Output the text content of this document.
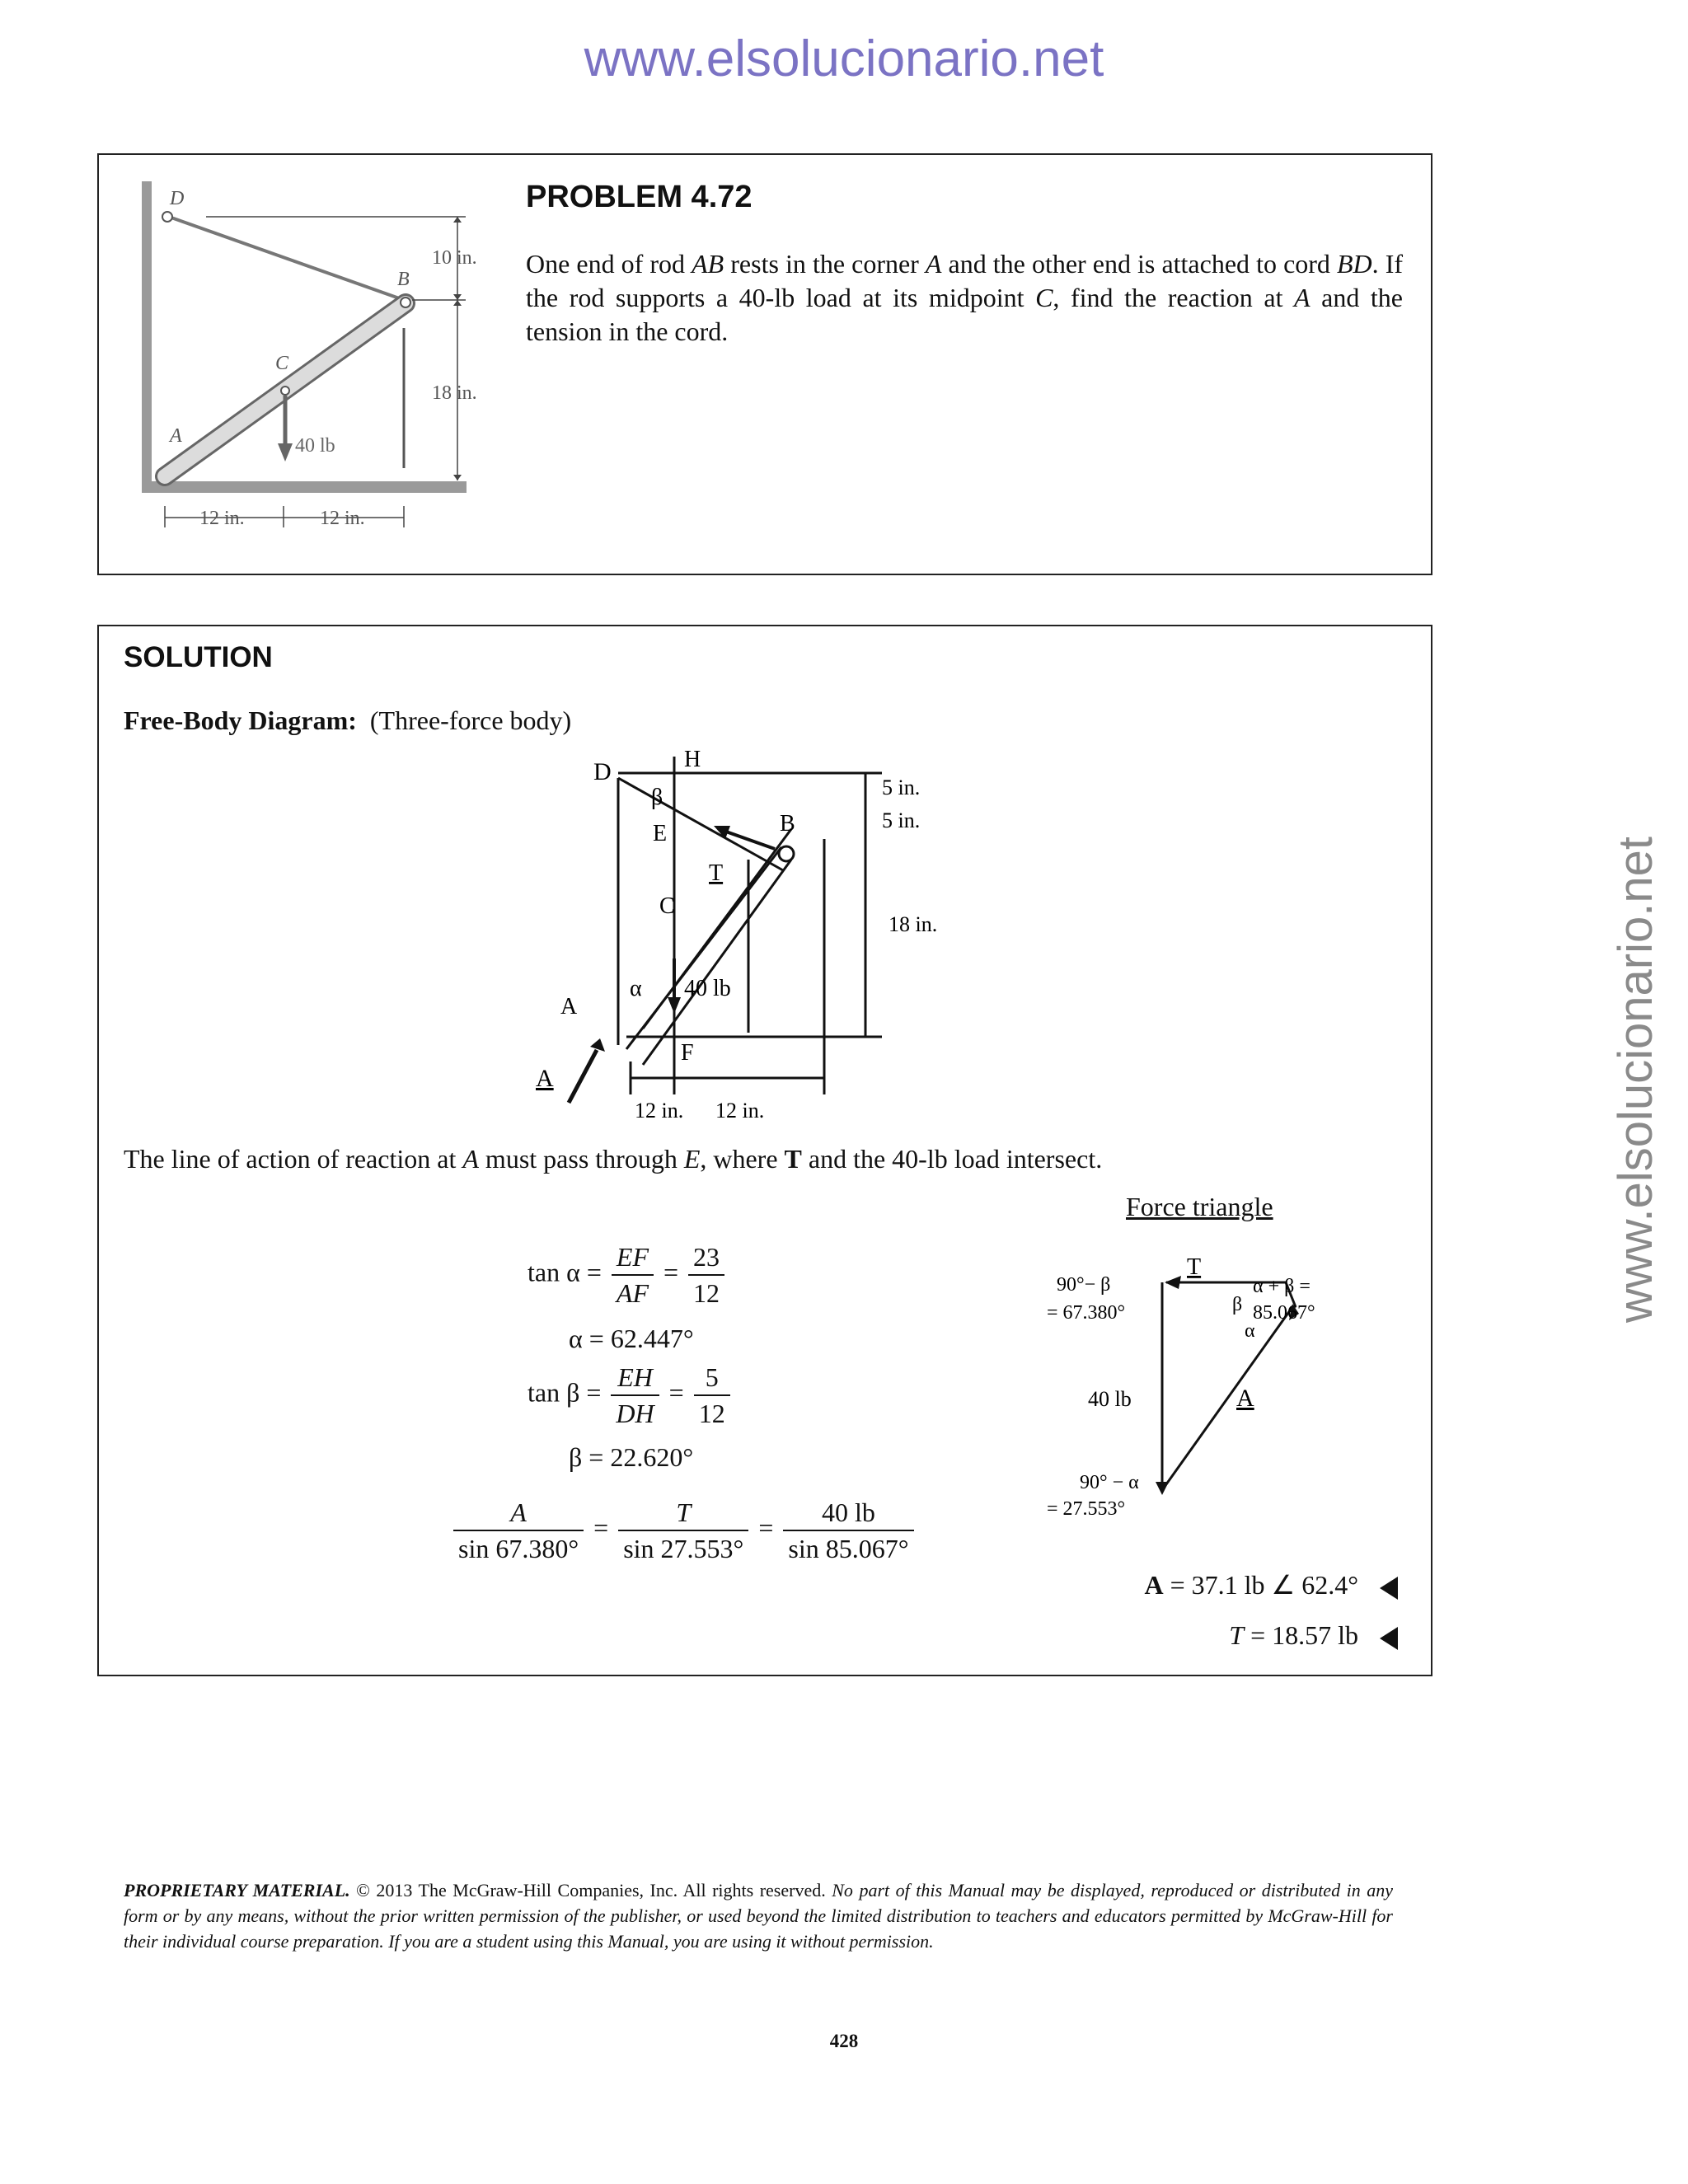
www.elsolucionario.net
www.elsolucionario.net
D
B
C
A	40 lb
10 in.
18 in.
12 in.	12 in.
PROBLEM 4.72
One end of rod AB rests in the corner A and the other end is attached to cord BD. If the rod supports a 40-lb load at its midpoint C, find the reaction at A and the tension in the cord.
SOLUTION
Free-Body Diagram: (Three-force body)
D	H
β
E	B
T
C
α 40 lb
A
F
A
5 in.
5 in.
18 in.
12 in. 12 in.
The line of action of reaction at A must pass through E, where T and the 40-lb load intersect.
Force triangle
$\tan \alpha = \frac{EF}{AF} = \frac{23}{12}$
α = 62.447°
$\tan \beta = \frac{EH}{DH} = \frac{5}{12}$
β = 22.620°
$\frac{A}{\sin 67.380^\circ} = \frac{T}{\sin 27.553^\circ} = \frac{40 lb}{\sin 85.067^\circ}$
90°− β
= 67.380°
T
α + β =
85.067°
β
α
40 lb	A
90° − α
= 27.553°
A = 37.1 lb ∠ 62.4°
T = 18.57 lb
PROPRIETARY MATERIAL. © 2013 The McGraw-Hill Companies, Inc. All rights reserved. No part of this Manual may be displayed, reproduced or distributed in any form or by any means, without the prior written permission of the publisher, or used beyond the limited distribution to teachers and educators permitted by McGraw-Hill for their individual course preparation. If you are a student using this Manual, you are using it without permission.
428
